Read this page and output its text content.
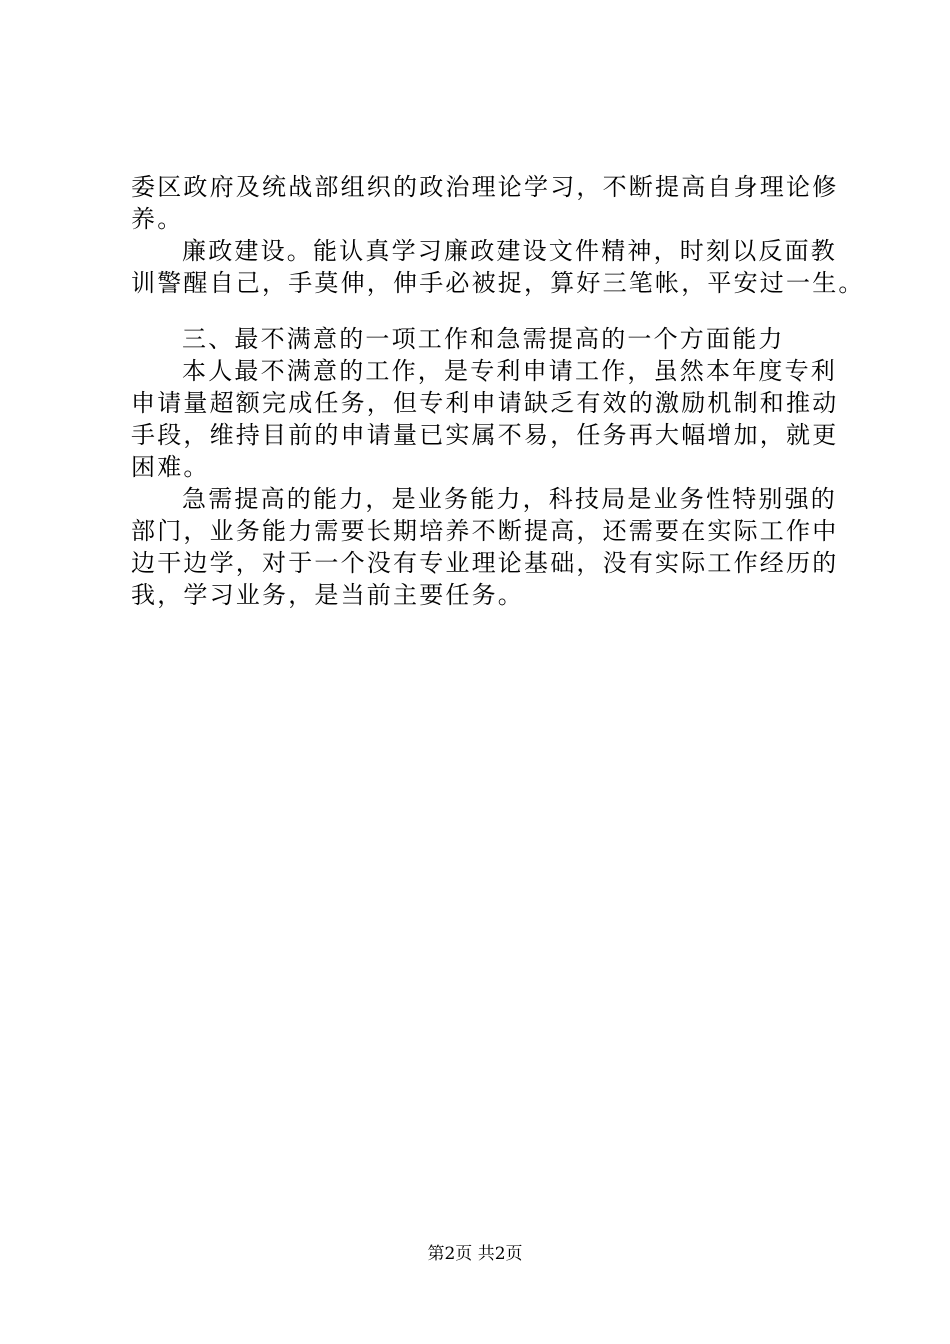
委区政府及统战部组织的政治理论学习，不断提高自身理论修
养。
廉政建设。能认真学习廉政建设文件精神，时刻以反面教
训警醒自己，手莫伸，伸手必被捉，算好三笔帐，平安过一生。
三、最不满意的一项工作和急需提高的一个方面能力
本人最不满意的工作，是专利申请工作，虽然本年度专利
申请量超额完成任务，但专利申请缺乏有效的激励机制和推动
手段，维持目前的申请量已实属不易，任务再大幅增加，就更
困难。
急需提高的能力，是业务能力，科技局是业务性特别强的
部门，业务能力需要长期培养不断提高，还需要在实际工作中
边干边学，对于一个没有专业理论基础，没有实际工作经历的
我，学习业务，是当前主要任务。
第2页 共2页
